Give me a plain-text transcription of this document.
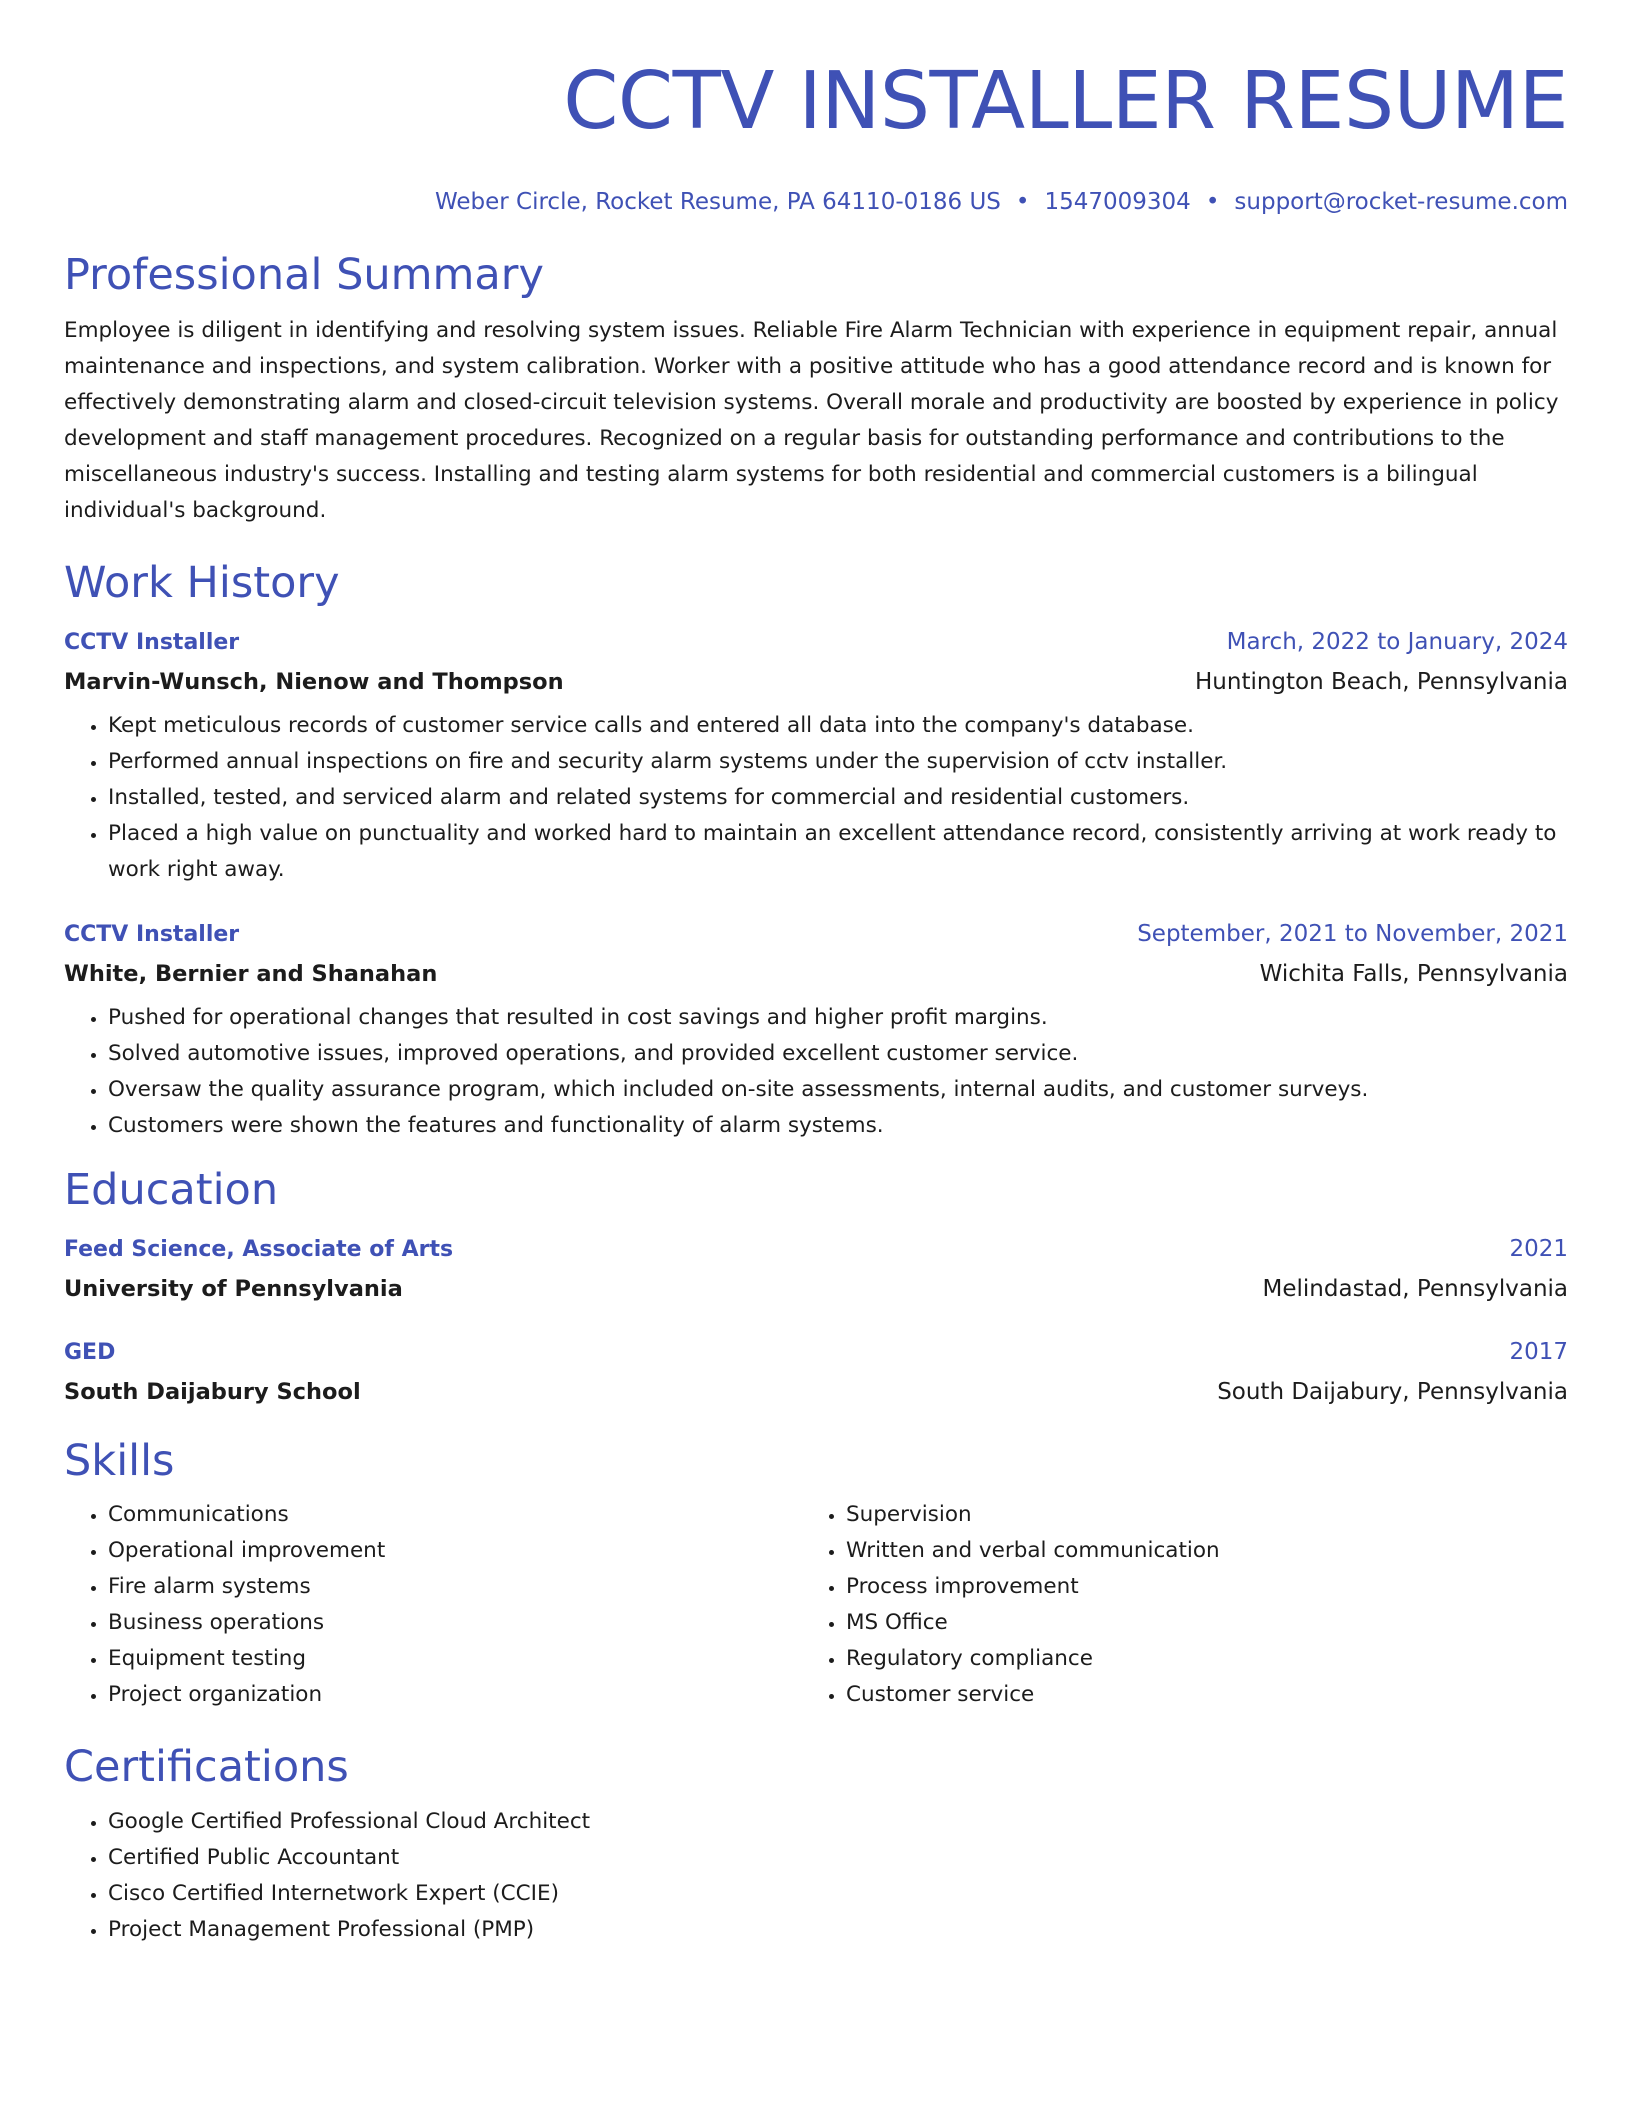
CCTV INSTALLER RESUME
Weber Circle, Rocket Resume, PA 64110-0186 US • 1547009304 • support@rocket-resume.com
Professional Summary
Employee is diligent in identifying and resolving system issues. Reliable Fire Alarm Technician with experience in equipment repair, annual maintenance and inspections, and system calibration. Worker with a positive attitude who has a good attendance record and is known for effectively demonstrating alarm and closed-circuit television systems. Overall morale and productivity are boosted by experience in policy development and staff management procedures. Recognized on a regular basis for outstanding performance and contributions to the miscellaneous industry's success. Installing and testing alarm systems for both residential and commercial customers is a bilingual individual's background.
Work History
CCTV Installer	March, 2022 to January, 2024
Marvin-Wunsch, Nienow and Thompson	Huntington Beach, Pennsylvania
• Kept meticulous records of customer service calls and entered all data into the company's database.
• Performed annual inspections on fire and security alarm systems under the supervision of cctv installer.
• Installed, tested, and serviced alarm and related systems for commercial and residential customers.
• Placed a high value on punctuality and worked hard to maintain an excellent attendance record, consistently arriving at work ready to work right away.
CCTV Installer	September, 2021 to November, 2021
White, Bernier and Shanahan	Wichita Falls, Pennsylvania
• Pushed for operational changes that resulted in cost savings and higher profit margins.
• Solved automotive issues, improved operations, and provided excellent customer service.
• Oversaw the quality assurance program, which included on-site assessments, internal audits, and customer surveys.
• Customers were shown the features and functionality of alarm systems.
Education
Feed Science, Associate of Arts	2021
University of Pennsylvania	Melindastad, Pennsylvania
GED	2017
South Daijabury School	South Daijabury, Pennsylvania
Skills
• Communications
• Operational improvement
• Fire alarm systems
• Business operations
• Equipment testing
• Project organization
• Supervision
• Written and verbal communication
• Process improvement
• MS Office
• Regulatory compliance
• Customer service
Certifications
• Google Certified Professional Cloud Architect
• Certified Public Accountant
• Cisco Certified Internetwork Expert (CCIE)
• Project Management Professional (PMP)
